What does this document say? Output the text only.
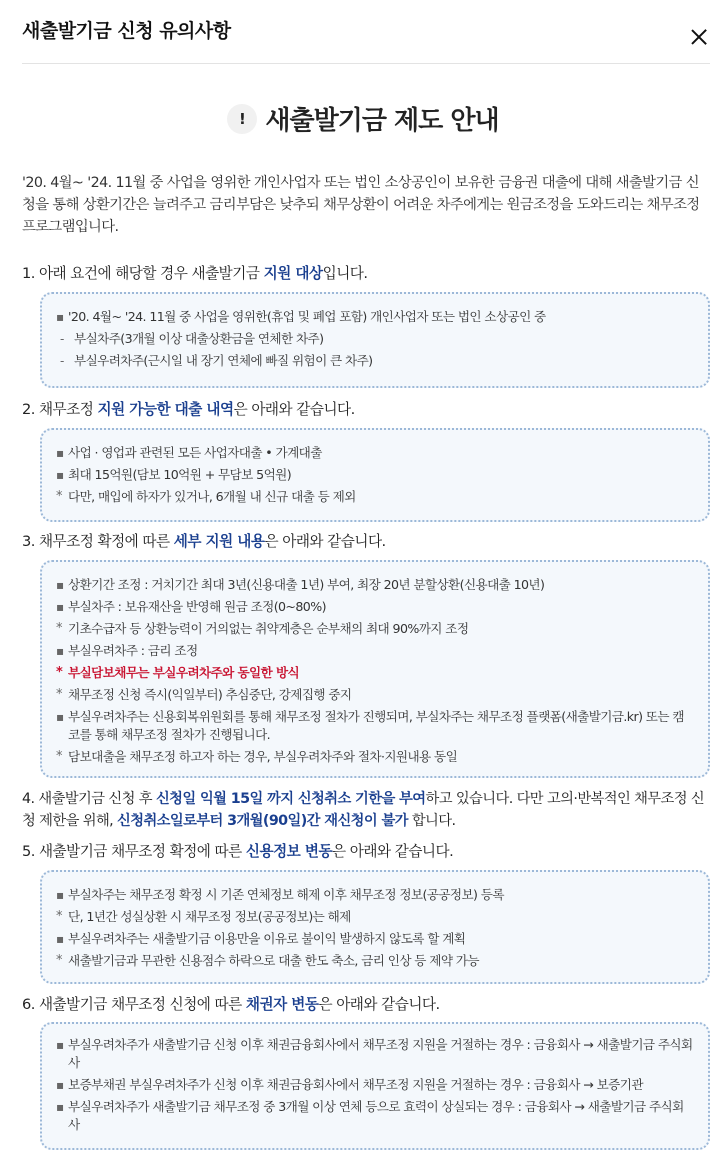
새출발기금 신청 유의사항
! 새출발기금 제도 안내
'20. 4월~ '24. 11월 중 사업을 영위한 개인사업자 또는 법인 소상공인이 보유한 금융권 대출에 대해 새출발기금 신청을 통해 상환기간은 늘려주고 금리부담은 낮추되 채무상환이 어려운 차주에게는 원금조정을 도와드리는 채무조정 프로그램입니다.
1. 아래 요건에 해당할 경우 새출발기금 지원 대상입니다.
▪ '20. 4월~ '24. 11월 중 사업을 영위한(휴업 및 폐업 포함) 개인사업자 또는 법인 소상공인 중
- 부실차주(3개월 이상 대출상환금을 연체한 차주)
- 부실우려차주(근시일 내 장기 연체에 빠질 위험이 큰 차주)
2. 채무조정 지원 가능한 대출 내역은 아래와 같습니다.
▪ 사업 · 영업과 관련된 모든 사업자대출 • 가계대출
▪ 최대 15억원(담보 10억원 + 무담보 5억원)
* 다만, 매입에 하자가 있거나, 6개월 내 신규 대출 등 제외
3. 채무조정 확정에 따른 세부 지원 내용은 아래와 같습니다.
▪ 상환기간 조정 : 거치기간 최대 3년(신용대출 1년) 부여, 최장 20년 분할상환(신용대출 10년)
▪ 부실차주 : 보유재산을 반영해 원금 조정(0~80%)
* 기초수급자 등 상환능력이 거의없는 취약계층은 순부채의 최대 90%까지 조정
▪ 부실우려차주 : 금리 조정
* 부실담보채무는 부실우려차주와 동일한 방식
* 채무조정 신청 즉시(익일부터) 추심중단, 강제집행 중지
▪ 부실우려차주는 신용회복위원회를 통해 채무조정 절차가 진행되며, 부실차주는 채무조정 플랫폼(새출발기금.kr) 또는 캠코를 통해 채무조정 절차가 진행됩니다.
* 담보대출을 채무조정 하고자 하는 경우, 부실우려차주와 절차·지원내용 동일
4. 새출발기금 신청 후 신청일 익월 15일 까지 신청취소 기한을 부여하고 있습니다. 다만 고의·반복적인 채무조정 신청 제한을 위해, 신청취소일로부터 3개월(90일)간 재신청이 불가 합니다.
5. 새출발기금 채무조정 확정에 따른 신용정보 변동은 아래와 같습니다.
▪ 부실차주는 채무조정 확정 시 기존 연체정보 해제 이후 채무조정 정보(공공정보) 등록
* 단, 1년간 성실상환 시 채무조정 정보(공공정보)는 해제
▪ 부실우려차주는 새출발기금 이용만을 이유로 불이익 발생하지 않도록 할 계획
* 새출발기금과 무관한 신용점수 하락으로 대출 한도 축소, 금리 인상 등 제약 가능
6. 새출발기금 채무조정 신청에 따른 채권자 변동은 아래와 같습니다.
▪ 부실우려차주가 새출발기금 신청 이후 채권금융회사에서 채무조정 지원을 거절하는 경우 : 금융회사 → 새출발기금 주식회사
▪ 보증부채권 부실우려차주가 신청 이후 채권금융회사에서 채무조정 지원을 거절하는 경우 : 금융회사 → 보증기관
▪ 부실우려차주가 새출발기금 채무조정 중 3개월 이상 연체 등으로 효력이 상실되는 경우 : 금융회사 → 새출발기금 주식회사
